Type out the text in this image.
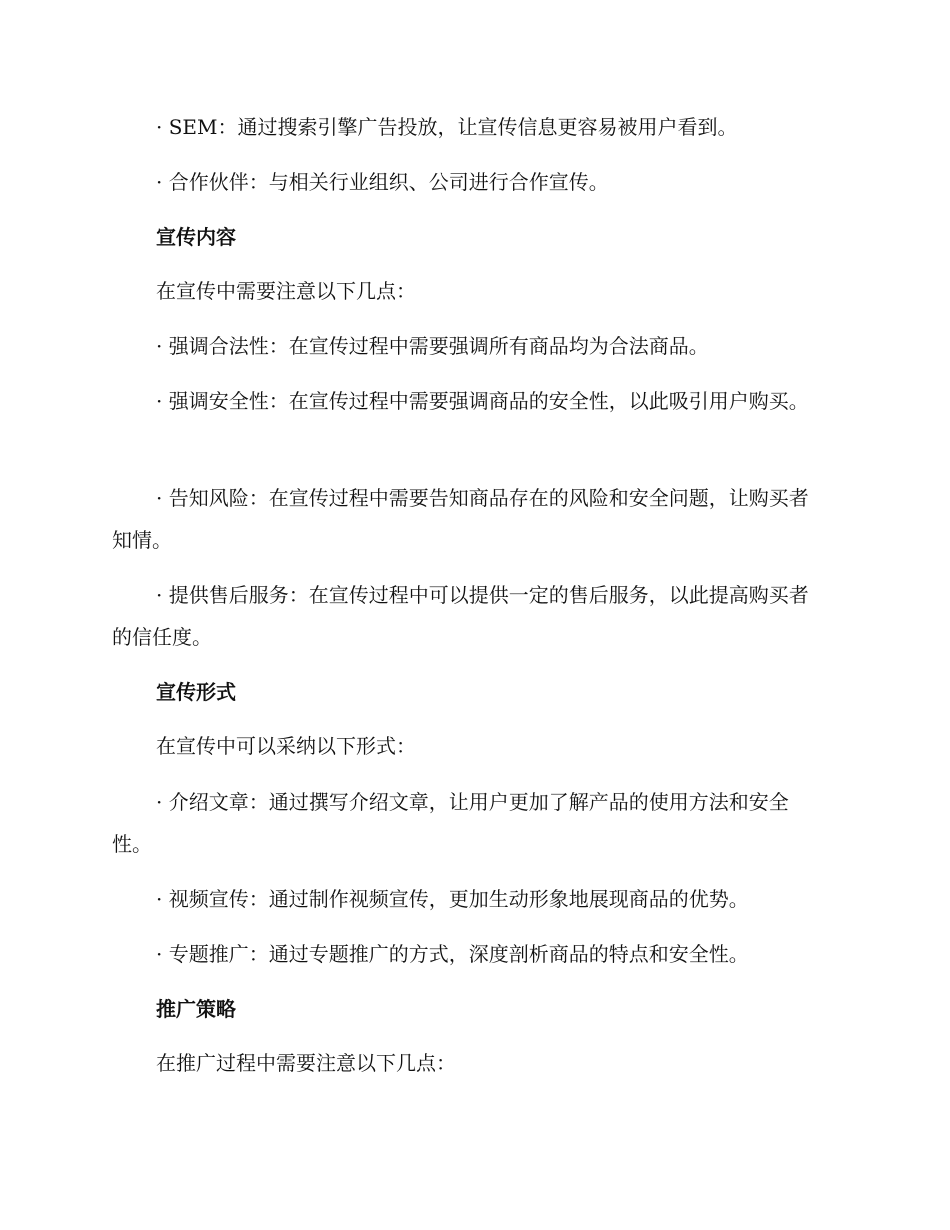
· SEM：通过搜索引擎广告投放，让宣传信息更容易被用户看到。

· 合作伙伴：与相关行业组织、公司进行合作宣传。

宣传内容

在宣传中需要注意以下几点：

· 强调合法性：在宣传过程中需要强调所有商品均为合法商品。

· 强调安全性：在宣传过程中需要强调商品的安全性，以此吸引用户购买。

· 告知风险：在宣传过程中需要告知商品存在的风险和安全问题，让购买者知情。

· 提供售后服务：在宣传过程中可以提供一定的售后服务，以此提高购买者的信任度。

宣传形式

在宣传中可以采纳以下形式：

· 介绍文章：通过撰写介绍文章，让用户更加了解产品的使用方法和安全性。

· 视频宣传：通过制作视频宣传，更加生动形象地展现商品的优势。

· 专题推广：通过专题推广的方式，深度剖析商品的特点和安全性。

推广策略

在推广过程中需要注意以下几点：
